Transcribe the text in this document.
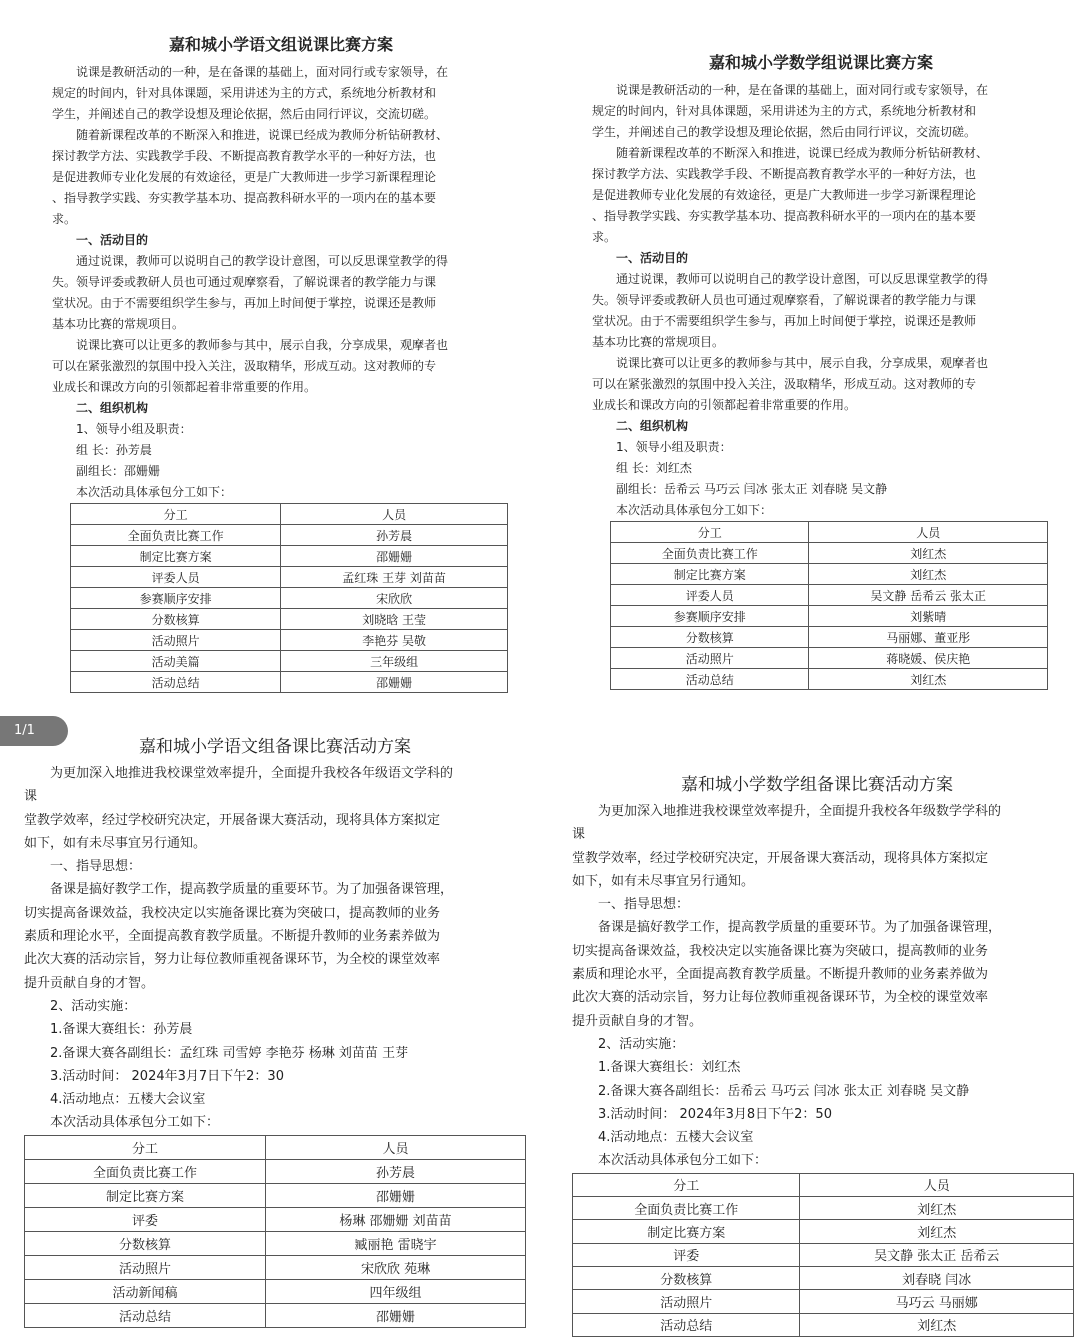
1/1
嘉和城小学语文组说课比赛方案

说课是教研活动的一种，是在备课的基础上，面对同行或专家领导，在

规定的时间内，针对具体课题，采用讲述为主的方式，系统地分析教材和

学生，并阐述自己的教学设想及理论依据，然后由同行评议，交流切磋。

随着新课程改革的不断深入和推进，说课已经成为教师分析钻研教材、

探讨教学方法、实践教学手段、不断提高教育教学水平的一种好方法，也

是促进教师专业化发展的有效途径，更是广大教师进一步学习新课程理论

、指导教学实践、夯实教学基本功、提高教科研水平的一项内在的基本要

求。

一、活动目的

通过说课，教师可以说明自己的教学设计意图，可以反思课堂教学的得

失。领导评委或教研人员也可通过观摩察看，了解说课者的教学能力与课

堂状况。由于不需要组织学生参与，再加上时间便于掌控，说课还是教师

基本功比赛的常规项目。

说课比赛可以让更多的教师参与其中，展示自我，分享成果，观摩者也

可以在紧张激烈的氛围中投入关注，汲取精华，形成互动。这对教师的专

业成长和课改方向的引领都起着非常重要的作用。

二、组织机构

1、领导小组及职责：

组 长：孙芳晨

副组长：邵姗姗

本次活动具体承包分工如下：

分工	人员
全面负责比赛工作	孙芳晨
制定比赛方案	邵姗姗
评委人员	孟红珠 王芽 刘苗苗
参赛顺序安排	宋欣欣
分数核算	刘晓晗 王莹
活动照片	李艳芬 吴敬
活动美篇	三年级组
活动总结	邵姗姗
嘉和城小学数学组说课比赛方案

说课是教研活动的一种，是在备课的基础上，面对同行或专家领导，在

规定的时间内，针对具体课题，采用讲述为主的方式，系统地分析教材和

学生，并阐述自己的教学设想及理论依据，然后由同行评议，交流切磋。

随着新课程改革的不断深入和推进，说课已经成为教师分析钻研教材、

探讨教学方法、实践教学手段、不断提高教育教学水平的一种好方法，也

是促进教师专业化发展的有效途径，更是广大教师进一步学习新课程理论

、指导教学实践、夯实教学基本功、提高教科研水平的一项内在的基本要

求。

一、活动目的

通过说课，教师可以说明自己的教学设计意图，可以反思课堂教学的得

失。领导评委或教研人员也可通过观摩察看，了解说课者的教学能力与课

堂状况。由于不需要组织学生参与，再加上时间便于掌控，说课还是教师

基本功比赛的常规项目。

说课比赛可以让更多的教师参与其中，展示自我，分享成果，观摩者也

可以在紧张激烈的氛围中投入关注，汲取精华，形成互动。这对教师的专

业成长和课改方向的引领都起着非常重要的作用。

二、组织机构

1、领导小组及职责：

组 长：刘红杰

副组长：岳希云 马巧云 闫冰 张太正 刘春晓 吴文静

本次活动具体承包分工如下：

分工	人员
全面负责比赛工作	刘红杰
制定比赛方案	刘红杰
评委人员	吴文静 岳希云 张太正
参赛顺序安排	刘紫晴
分数核算	马丽娜、董亚彤
活动照片	蒋晓媛、侯庆艳
活动总结	刘红杰
嘉和城小学语文组备课比赛活动方案

为更加深入地推进我校课堂效率提升，全面提升我校各年级语文学科的

课

堂教学效率，经过学校研究决定，开展备课大赛活动，现将具体方案拟定

如下，如有未尽事宜另行通知。

一、指导思想：

备课是搞好教学工作，提高教学质量的重要环节。为了加强备课管理，

切实提高备课效益，我校决定以实施备课比赛为突破口，提高教师的业务

素质和理论水平，全面提高教育教学质量。不断提升教师的业务素养做为

此次大赛的活动宗旨，努力让每位教师重视备课环节，为全校的课堂效率

提升贡献自身的才智。

2、活动实施：

1.备课大赛组长：孙芳晨

2.备课大赛各副组长：孟红珠 司雪婷 李艳芬 杨琳 刘苗苗 王芽

3.活动时间： 2024年3月7日下午2：30

4.活动地点：五楼大会议室

本次活动具体承包分工如下：

分工	人员
全面负责比赛工作	孙芳晨
制定比赛方案	邵姗姗
评委	杨琳 邵姗姗 刘苗苗
分数核算	臧丽艳 雷晓宇
活动照片	宋欣欣 苑琳
活动新闻稿	四年级组
活动总结	邵姗姗
嘉和城小学数学组备课比赛活动方案

为更加深入地推进我校课堂效率提升，全面提升我校各年级数学学科的

课

堂教学效率，经过学校研究决定，开展备课大赛活动，现将具体方案拟定

如下，如有未尽事宜另行通知。

一、指导思想：

备课是搞好教学工作，提高教学质量的重要环节。为了加强备课管理，

切实提高备课效益，我校决定以实施备课比赛为突破口，提高教师的业务

素质和理论水平，全面提高教育教学质量。不断提升教师的业务素养做为

此次大赛的活动宗旨，努力让每位教师重视备课环节，为全校的课堂效率

提升贡献自身的才智。

2、活动实施：

1.备课大赛组长：刘红杰

2.备课大赛各副组长：岳希云 马巧云 闫冰 张太正 刘春晓 吴文静

3.活动时间： 2024年3月8日下午2：50

4.活动地点：五楼大会议室

本次活动具体承包分工如下：

分工	人员
全面负责比赛工作	刘红杰
制定比赛方案	刘红杰
评委	吴文静 张太正 岳希云
分数核算	刘春晓 闫冰
活动照片	马巧云 马丽娜
活动总结	刘红杰
